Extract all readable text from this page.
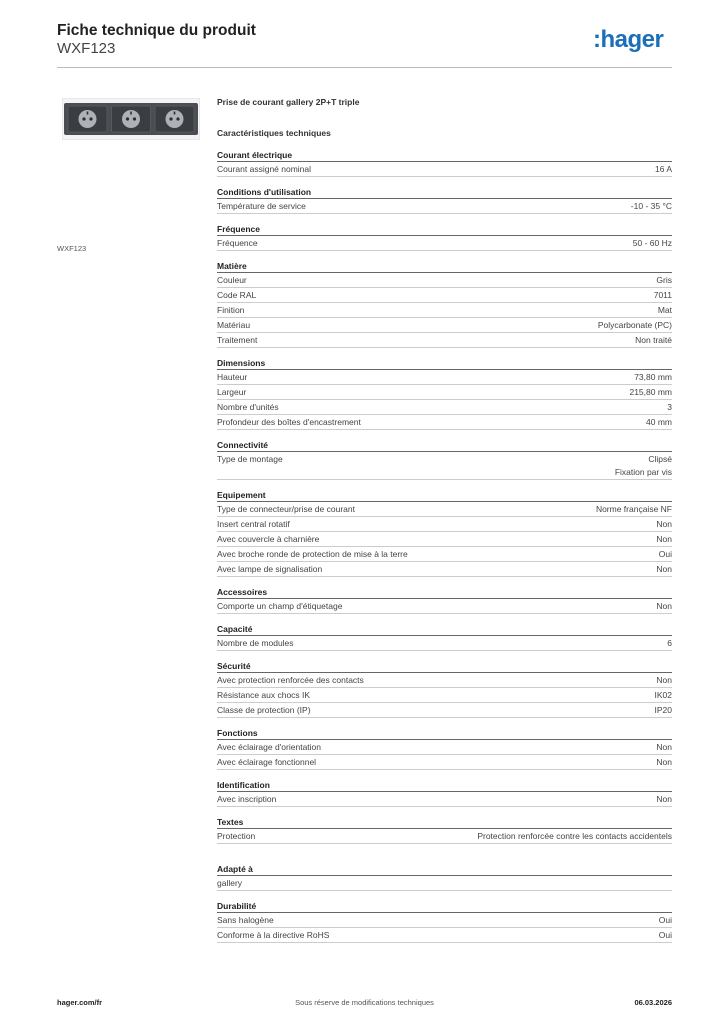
Fiche technique du produit
WXF123	:hager
WXF123
Prise de courant gallery 2P+T triple
Caractéristiques techniques
Courant électrique
Courant assigné nominal	16 A
Conditions d'utilisation
Température de service	-10 - 35 °C
Fréquence
Fréquence	50 - 60 Hz
Matière
Couleur	Gris
Code RAL	7011
Finition	Mat
Matériau	Polycarbonate (PC)
Traitement	Non traité
Dimensions
Hauteur	73,80 mm
Largeur	215,80 mm
Nombre d'unités	3
Profondeur des boîtes d'encastrement	40 mm
Connectivité
Type de montage	Clipsé
Fixation par vis
Equipement
Type de connecteur/prise de courant	Norme française NF
Insert central rotatif	Non
Avec couvercle à charnière	Non
Avec broche ronde de protection de mise à la terre	Oui
Avec lampe de signalisation	Non
Accessoires
Comporte un champ d'étiquetage	Non
Capacité
Nombre de modules	6
Sécurité
Avec protection renforcée des contacts	Non
Résistance aux chocs IK	IK02
Classe de protection (IP)	IP20
Fonctions
Avec éclairage d'orientation	Non
Avec éclairage fonctionnel	Non
Identification
Avec inscription	Non
Textes
Protection	Protection renforcée contre les contacts accidentels
Adapté à
gallery
Durabilité
Sans halogène	Oui
Conforme à la directive RoHS	Oui
Sous réserve de modifications techniques
hager.com/fr	06.03.2026
